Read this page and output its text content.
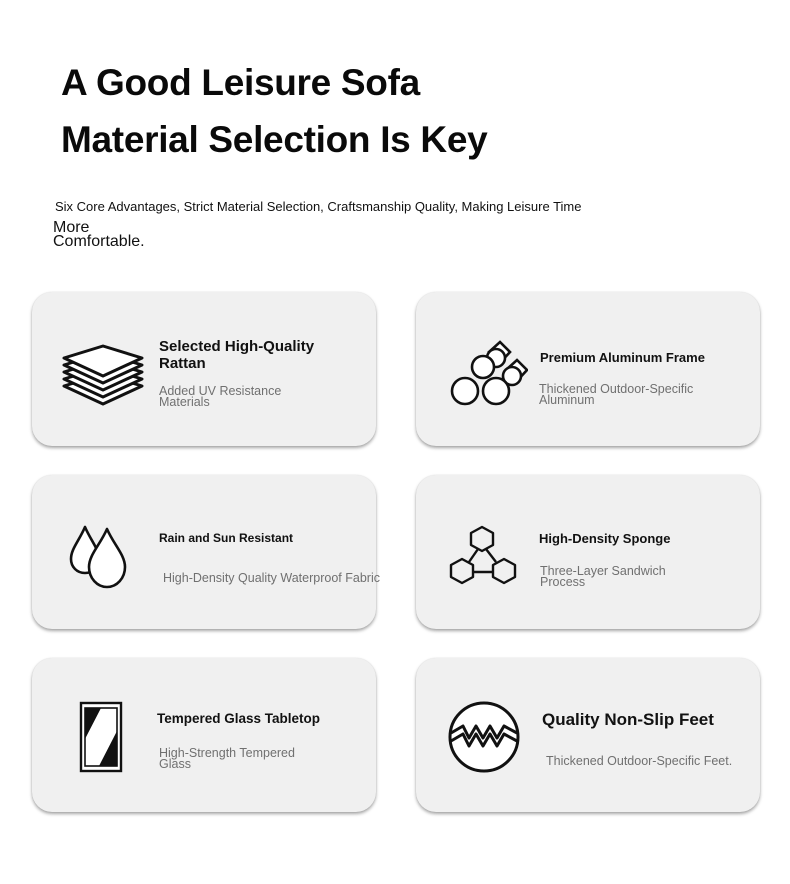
A Good Leisure Sofa
Material Selection Is Key
Six Core Advantages, Strict Material Selection, Craftsmanship Quality, Making Leisure Time
More Comfortable.
Selected High-Quality Rattan
Added UV Resistance Materials
Premium Aluminum Frame
Thickened Outdoor-Specific Aluminum
Rain and Sun Resistant
High-Density Quality Waterproof Fabric
High-Density Sponge
Three-Layer Sandwich Process
Tempered Glass Tabletop
High-Strength Tempered Glass
Quality Non-Slip Feet
Thickened Outdoor-Specific Feet.
